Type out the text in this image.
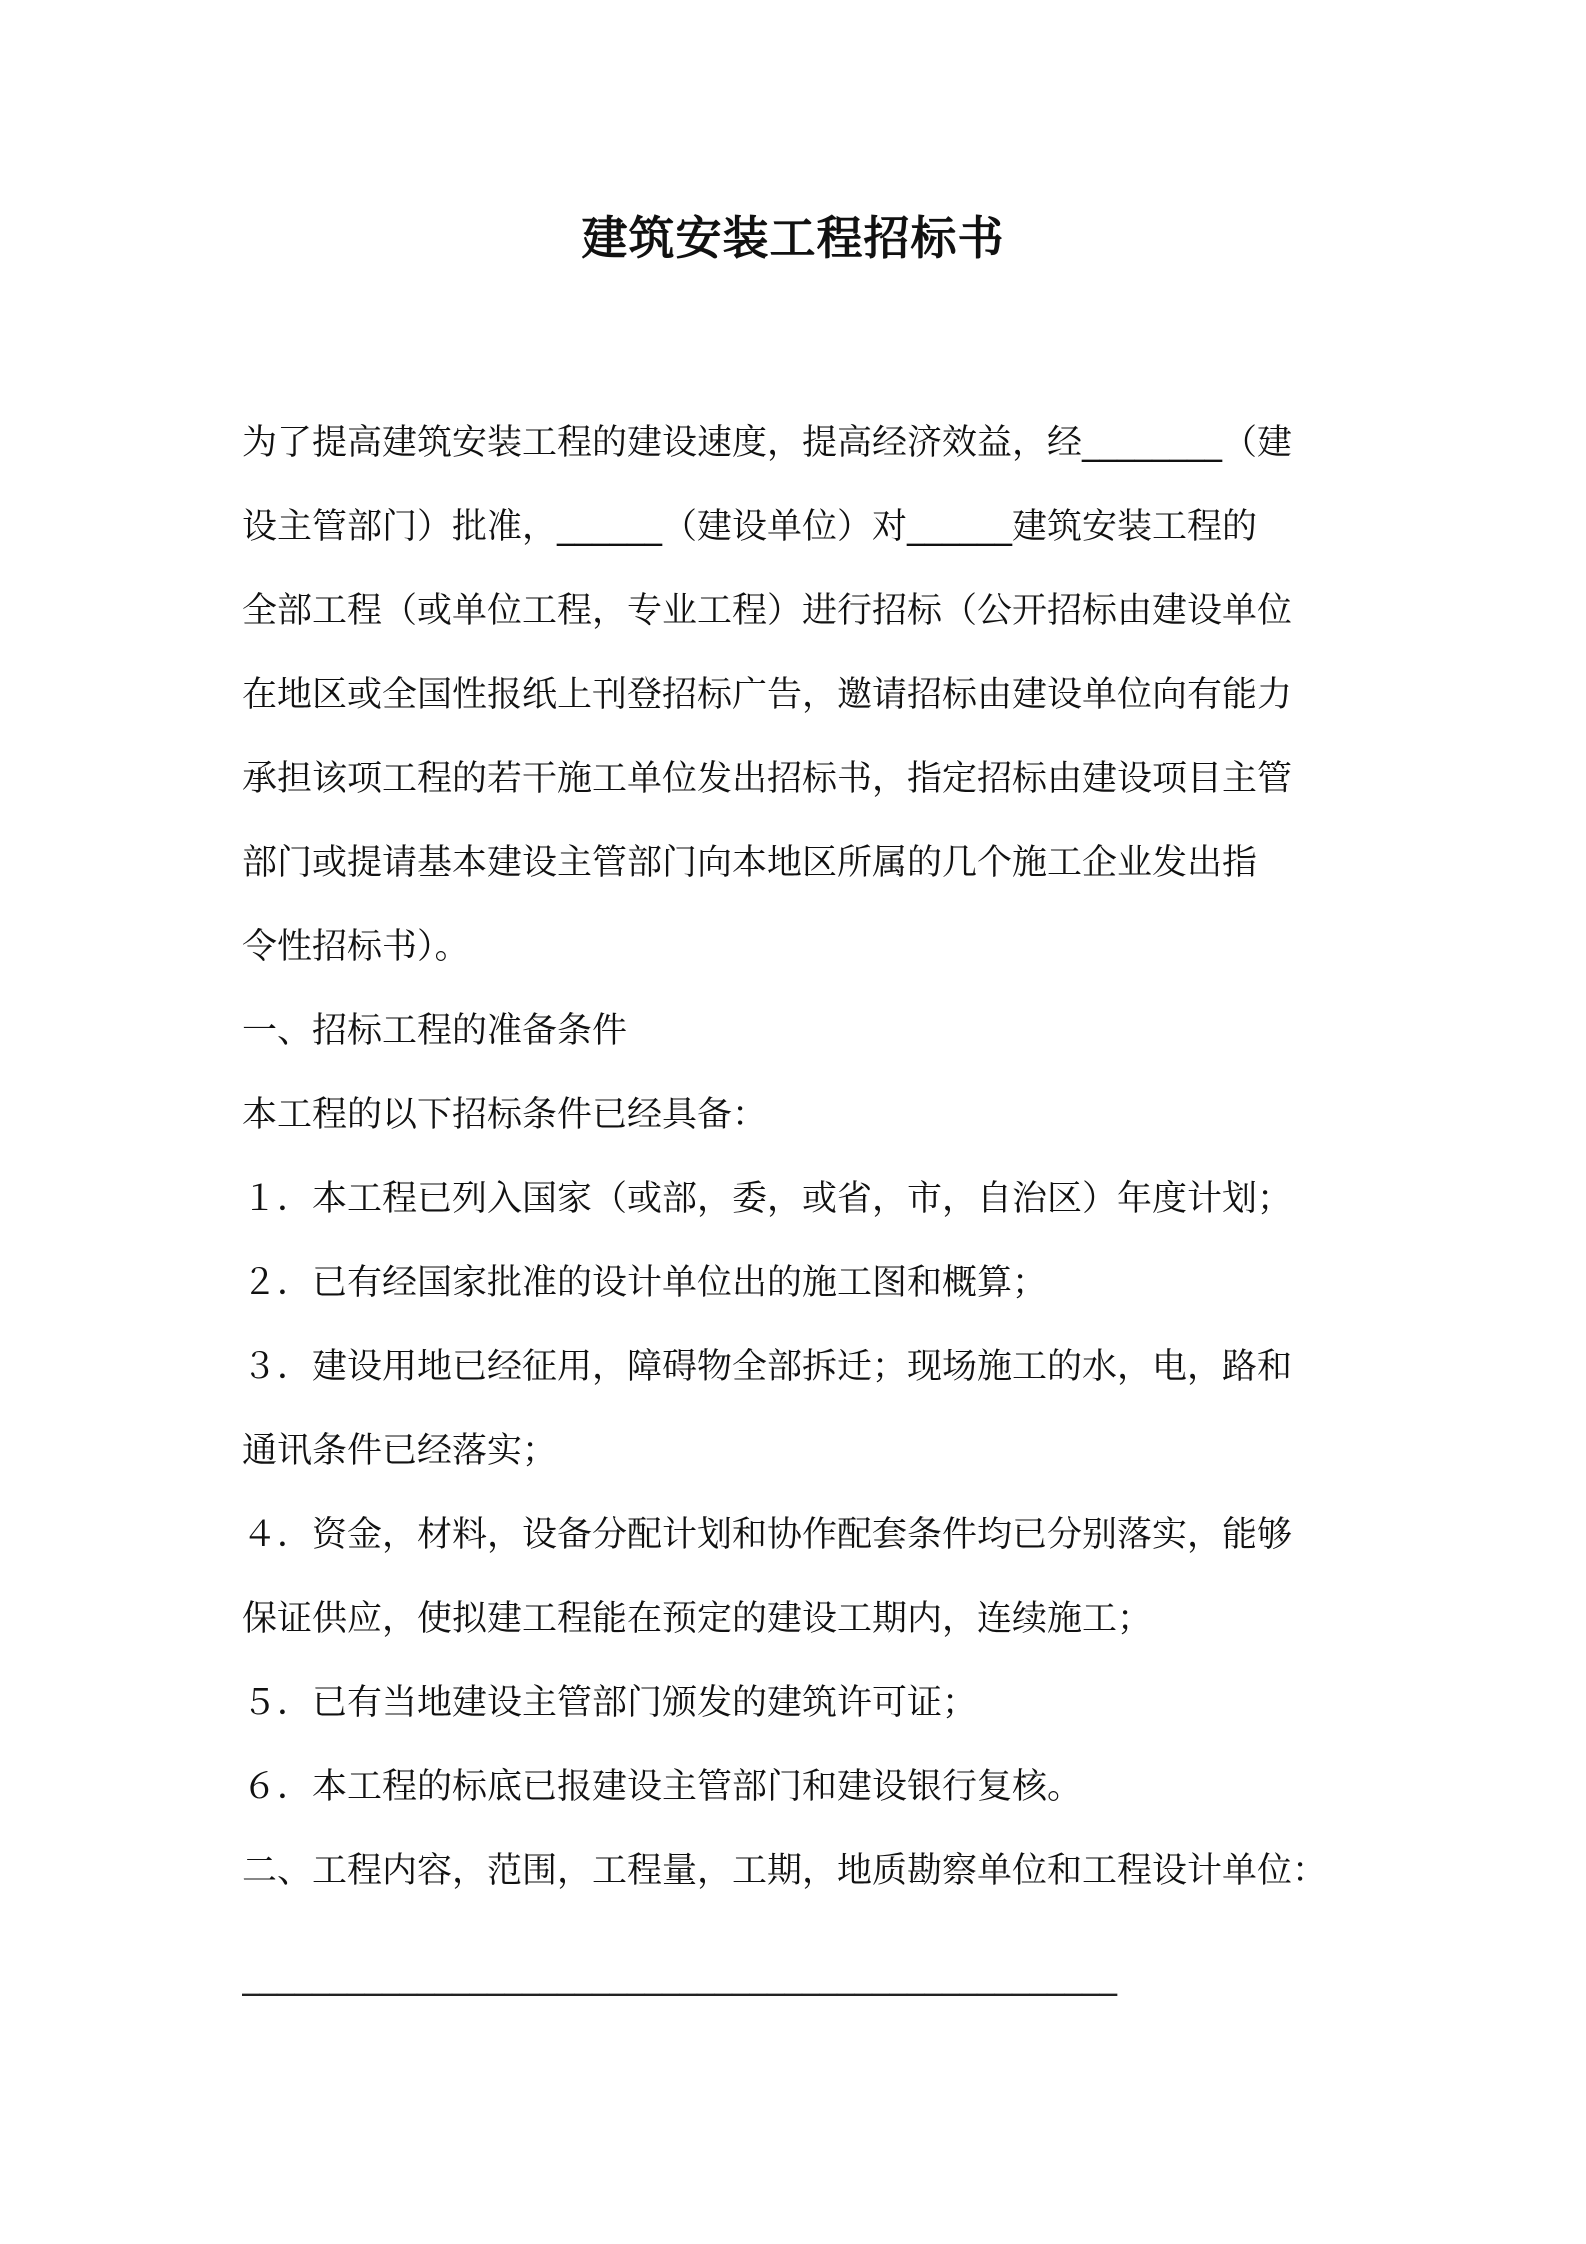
建筑安装工程招标书
为了提高建筑安装工程的建设速度，提高经济效益，经________（建
设主管部门）批准，______（建设单位）对______建筑安装工程的
全部工程（或单位工程，专业工程）进行招标（公开招标由建设单位
在地区或全国性报纸上刊登招标广告，邀请招标由建设单位向有能力
承担该项工程的若干施工单位发出招标书，指定招标由建设项目主管
部门或提请基本建设主管部门向本地区所属的几个施工企业发出指
令性招标书）。
一、招标工程的准备条件
本工程的以下招标条件已经具备：
１．本工程已列入国家（或部，委，或省，市，自治区）年度计划；
２．已有经国家批准的设计单位出的施工图和概算；
３．建设用地已经征用，障碍物全部拆迁；现场施工的水，电，路和
通讯条件已经落实；
４．资金，材料，设备分配计划和协作配套条件均已分别落实，能够
保证供应，使拟建工程能在预定的建设工期内，连续施工；
５．已有当地建设主管部门颁发的建筑许可证；
６．本工程的标底已报建设主管部门和建设银行复核。
二、工程内容，范围，工程量，工期，地质勘察单位和工程设计单位：
__________________________________________________
